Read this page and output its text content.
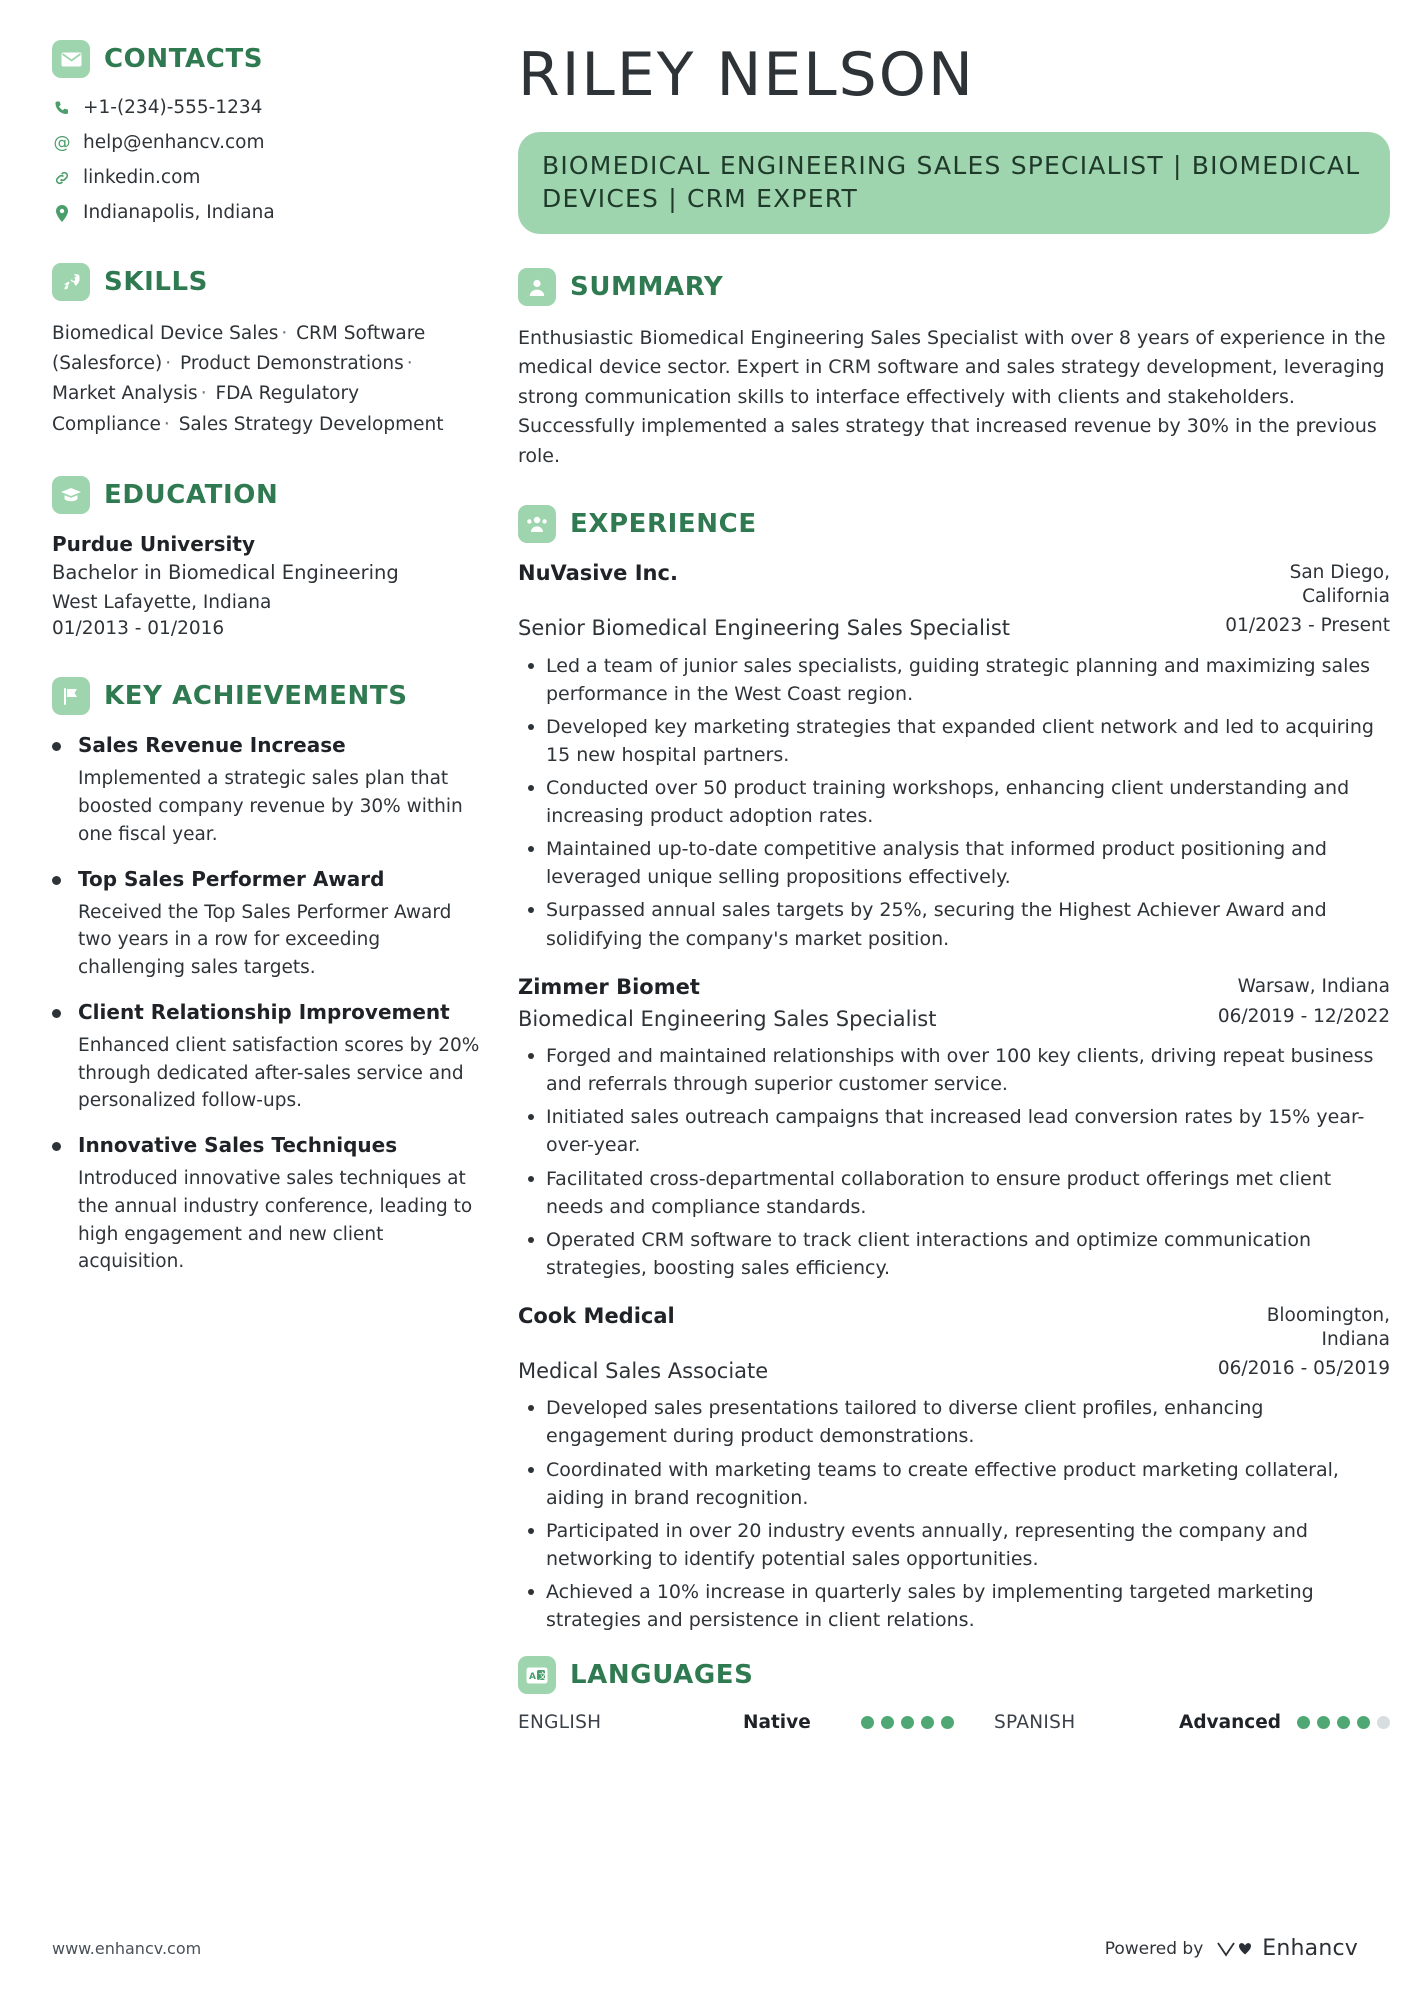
CONTACTS
+1-(234)-555-1234
@ help@enhancv.com
linkedin.com
Indianapolis, Indiana
SKILLS
Biomedical Device Sales · CRM Software (Salesforce) · Product Demonstrations · Market Analysis · FDA Regulatory Compliance · Sales Strategy Development
EDUCATION
Purdue University
Bachelor in Biomedical Engineering
West Lafayette, Indiana
01/2013 - 01/2016
KEY ACHIEVEMENTS
Sales Revenue Increase
Implemented a strategic sales plan that boosted company revenue by 30% within one fiscal year.
Top Sales Performer Award
Received the Top Sales Performer Award two years in a row for exceeding challenging sales targets.
Client Relationship Improvement
Enhanced client satisfaction scores by 20% through dedicated after-sales service and personalized follow-ups.
Innovative Sales Techniques
Introduced innovative sales techniques at the annual industry conference, leading to high engagement and new client acquisition.
RILEY NELSON
BIOMEDICAL ENGINEERING SALES SPECIALIST | BIOMEDICAL DEVICES | CRM EXPERT
SUMMARY
Enthusiastic Biomedical Engineering Sales Specialist with over 8 years of experience in the medical device sector. Expert in CRM software and sales strategy development, leveraging strong communication skills to interface effectively with clients and stakeholders. Successfully implemented a sales strategy that increased revenue by 30% in the previous role.
EXPERIENCE
NuVasive Inc.	San Diego, California
Senior Biomedical Engineering Sales Specialist	01/2023 - Present
Led a team of junior sales specialists, guiding strategic planning and maximizing sales performance in the West Coast region.
Developed key marketing strategies that expanded client network and led to acquiring 15 new hospital partners.
Conducted over 50 product training workshops, enhancing client understanding and increasing product adoption rates.
Maintained up-to-date competitive analysis that informed product positioning and leveraged unique selling propositions effectively.
Surpassed annual sales targets by 25%, securing the Highest Achiever Award and solidifying the company's market position.
Zimmer Biomet	Warsaw, Indiana
Biomedical Engineering Sales Specialist	06/2019 - 12/2022
Forged and maintained relationships with over 100 key clients, driving repeat business and referrals through superior customer service.
Initiated sales outreach campaigns that increased lead conversion rates by 15% year-over-year.
Facilitated cross-departmental collaboration to ensure product offerings met client needs and compliance standards.
Operated CRM software to track client interactions and optimize communication strategies, boosting sales efficiency.
Cook Medical	Bloomington, Indiana
Medical Sales Associate	06/2016 - 05/2019
Developed sales presentations tailored to diverse client profiles, enhancing engagement during product demonstrations.
Coordinated with marketing teams to create effective product marketing collateral, aiding in brand recognition.
Participated in over 20 industry events annually, representing the company and networking to identify potential sales opportunities.
Achieved a 10% increase in quarterly sales by implementing targeted marketing strategies and persistence in client relations.
A 文 LANGUAGES
ENGLISH	Native	SPANISH	Advanced
www.enhancv.com	Powered by	Enhancv
